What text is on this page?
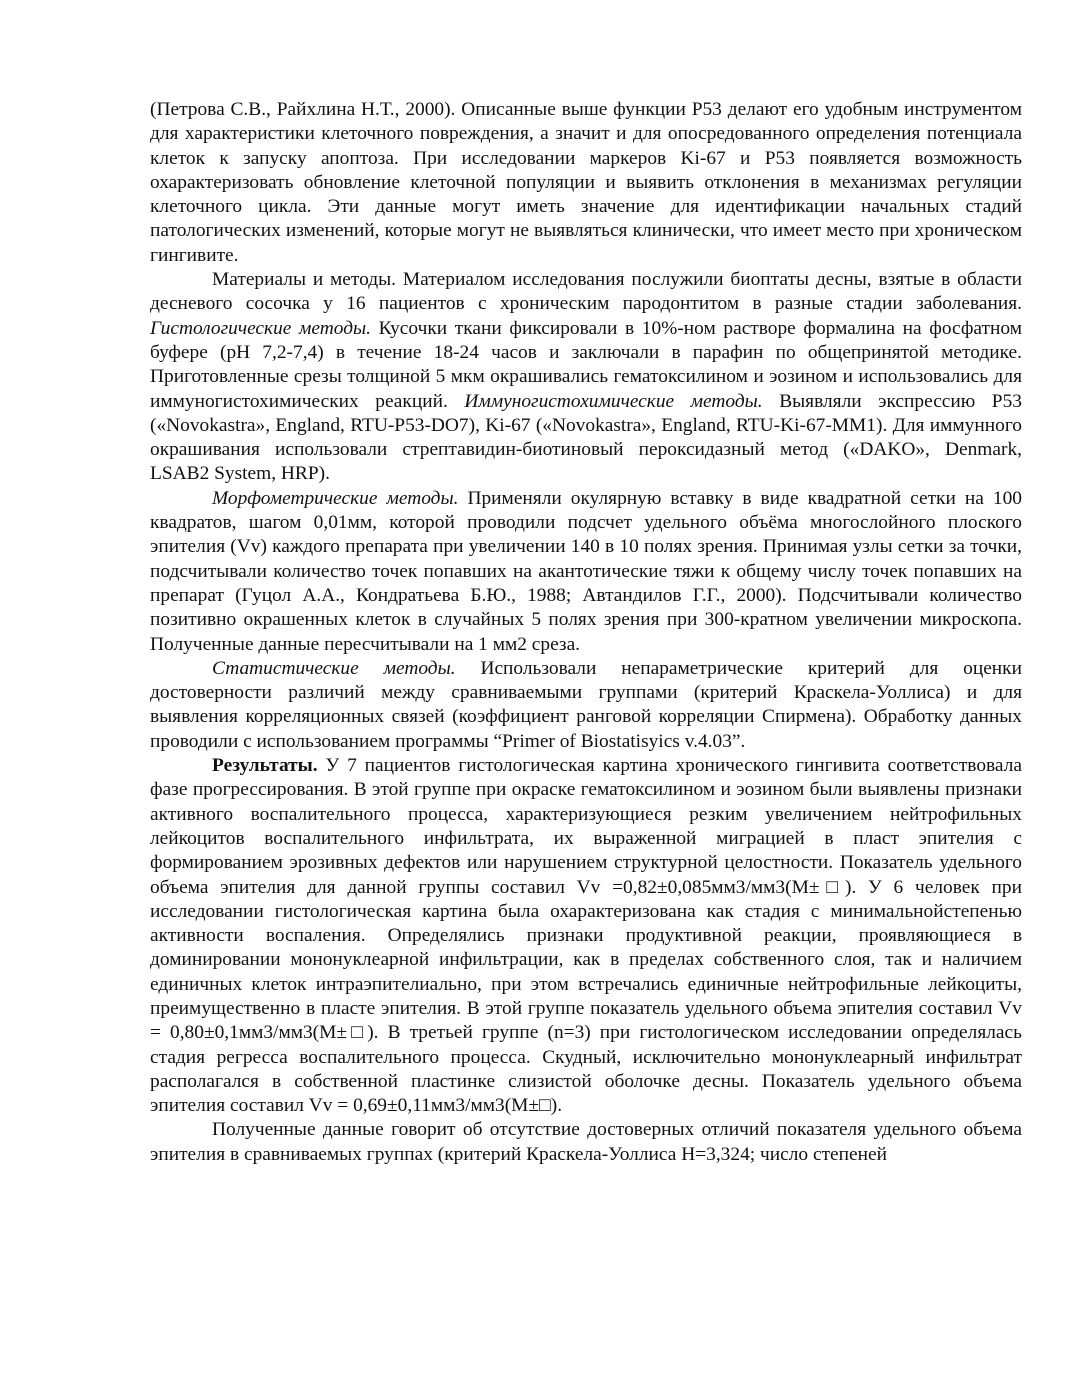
(Петрова С.В., Райхлина Н.Т., 2000). Описанные выше функции Р53 делают его удобным инструментом для характеристики клеточного повреждения, а значит и для опосредованного определения потенциала клеток к запуску апоптоза. При исследовании маркеров Ki-67 и Р53 появляется возможность охарактеризовать обновление клеточной популяции и выявить отклонения в механизмах регуляции клеточного цикла. Эти данные могут иметь значение для идентификации начальных стадий патологических изменений, которые могут не выявляться клинически, что имеет место при хроническом гингивите.

Материалы и методы. Материалом исследования послужили биоптаты десны, взятые в области десневого сосочка у 16 пациентов с хроническим пародонтитом в разные стадии заболевания. Гистологические методы. Кусочки ткани фиксировали в 10%-ном растворе формалина на фосфатном буфере (pH 7,2-7,4) в течение 18-24 часов и заключали в парафин по общепринятой методике. Приготовленные срезы толщиной 5 мкм окрашивались гематоксилином и эозином и использовались для иммуногистохимических реакций. Иммуногистохимические методы. Выявляли экспрессию Р53 («Novokastra», England, RTU-P53-DO7), Ki-67 («Novokastra», England, RTU-Ki-67-MM1). Для иммунного окрашивания использовали стрептавидин-биотиновый пероксидазный метод («DAKO», Denmark, LSAB2 System, HRP).

Морфометрические методы. Применяли окулярную вставку в виде квадратной сетки на 100 квадратов, шагом 0,01мм, которой проводили подсчет удельного объёма многослойного плоского эпителия (Vv) каждого препарата при увеличении 140 в 10 полях зрения. Принимая узлы сетки за точки, подсчитывали количество точек попавших на акантотические тяжи к общему числу точек попавших на препарат (Гуцол А.А., Кондратьева Б.Ю., 1988; Автандилов Г.Г., 2000). Подсчитывали количество позитивно окрашенных клеток в случайных 5 полях зрения при 300-кратном увеличении микроскопа. Полученные данные пересчитывали на 1 мм2 среза.

Статистические методы. Использовали непараметрические критерий для оценки достоверности различий между сравниваемыми группами (критерий Краскела-Уоллиса) и для выявления корреляционных связей (коэффициент ранговой корреляции Спирмена). Обработку данных проводили с использованием программы “Primer of Biostatisyics v.4.03”.

Результаты. У 7 пациентов гистологическая картина хронического гингивита соответствовала фазе прогрессирования. В этой группе при окраске гематоксилином и эозином были выявлены признаки активного воспалительного процесса, характеризующиеся резким увеличением нейтрофильных лейкоцитов воспалительного инфильтрата, их выраженной миграцией в пласт эпителия с формированием эрозивных дефектов или нарушением структурной целостности. Показатель удельного объема эпителия для данной группы составил Vv =0,82±0,085мм3/мм3(М±□). У 6 человек при исследовании гистологическая картина была охарактеризована как стадия с минимальнойстепенью активности воспаления. Определялись признаки продуктивной реакции, проявляющиеся в доминировании мононуклеарной инфильтрации, как в пределах собственного слоя, так и наличием единичных клеток интраэпителиально, при этом встречались единичные нейтрофильные лейкоциты, преимущественно в пласте эпителия. В этой группе показатель удельного объема эпителия составил Vv = 0,80±0,1мм3/мм3(М±□). В третьей группе (n=3) при гистологическом исследовании определялась стадия регресса воспалительного процесса. Скудный, исключительно мононуклеарный инфильтрат располагался в собственной пластинке слизистой оболочке десны. Показатель удельного объема эпителия составил Vv = 0,69±0,11мм3/мм3(М±□).

Полученные данные говорит об отсутствие достоверных отличий показателя удельного объема эпителия в сравниваемых группах (критерий Краскела-Уоллиса H=3,324; число степеней
